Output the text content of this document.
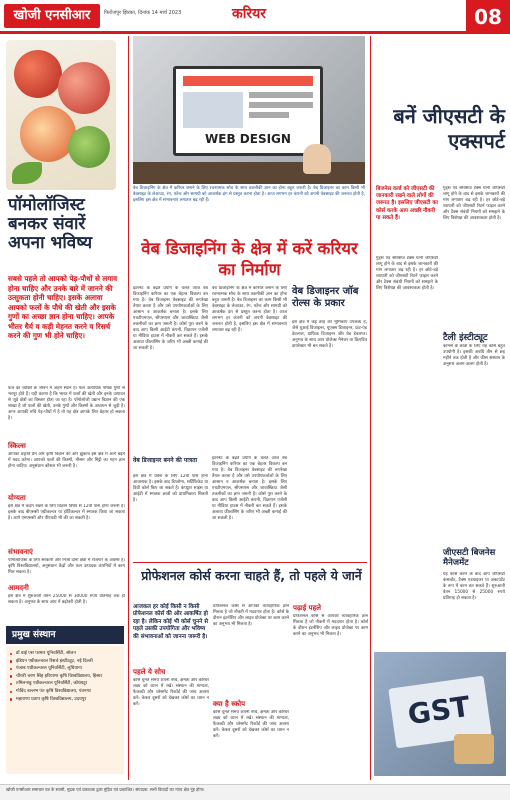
खोजी एनसीआर	फिरोजपुर झिरका, दिनांक 14 मार्च 2023	करियर	08
पॉमोलॉजिस्ट बनकर संवारें अपना भविष्य
सबसे पहले तो आपको पेड़-पौधों से लगाव होना चाहिए और उनके बारे में जानने की उत्सुकता होनी चाहिए। इसके अलावा आपको फलों के पौधे की खेती और इसके गुणों का अच्छा ज्ञान होना चाहिए। आपके भीतर धैर्य व कड़ी मेहनत करने व रिसर्च करने की गुण भी होने चाहिए।
फल का व्यक्ति के जीवन में अहम स्थान है। फल अत्यधिक पोषक गुणों से भरपूर होते हैं। यही कारण है कि भारत में फलों की खेती और इनके उत्पादन से जुड़े क्षेत्रों का विस्तार होता जा रहा है। पॉमोलॉजी उद्यान विज्ञान की एक शाखा है जो फलों की खेती, उनके गुणों और किस्मों के अध्ययन से जुड़ी है। अगर आपकी रुचि पेड़-पौधों में है तो यह क्षेत्र आपके लिए बेहतर हो सकता है।
स्किल्स
आपका प्रकृति प्रेम और कृषि विज्ञान की ओर झुकाव इस क्षेत्र में आगे बढ़ने में मदद करेगा। आपको फलों की किस्मों, मौसम और मिट्टी का गहन ज्ञान होना चाहिए। अनुसंधान कौशल भी जरूरी है।
योग्यता
इस क्षेत्र में कदम रखने के लिए विज्ञान विषय से 12वीं पास होना जरूरी है। इसके बाद बीएससी एग्रीकल्चर या हॉर्टिकल्चर में स्नातक किया जा सकता है। आगे एमएससी और पीएचडी भी की जा सकती है।
संभावनाएं
पॉमोलॉजिस्ट के लिए सरकारी और निजी दोनों क्षेत्रों में रोजगार के अवसर हैं। कृषि विश्वविद्यालयों, अनुसंधान केंद्रों और फल उत्पादक कंपनियों में काम मिल सकता है।
आमदनी
इस क्षेत्र में शुरुआती वेतन 25000 से 30000 रुपये प्रतिमाह तक हो सकता है। अनुभव के साथ आय में बढ़ोतरी होती है।
प्रमुख संस्थान
डॉ वाई एस परमार यूनिवर्सिटी, सोलन
इंडियन एग्रीकल्चरल रिसर्च इंस्टीट्यूट, नई दिल्ली
पंजाब एग्रीकल्चरल यूनिवर्सिटी, लुधियाना
चौधरी चरण सिंह हरियाणा कृषि विश्वविद्यालय, हिसार
तमिलनाडु एग्रीकल्चरल यूनिवर्सिटी, कोयंबटूर
गोविंद बल्लभ पंत कृषि विश्वविद्यालय, पंतनगर
महाराणा प्रताप कृषि विश्वविद्यालय, उदयपुर
WEB DESIGN
वेब डिजाइनिंग के क्षेत्र में करियर बनाने के लिए रचनात्मक सोच के साथ तकनीकी ज्ञान का होना बहुत जरूरी है। वेब डिजाइनर का काम किसी भी वेबसाइट के लेआउट, रंग, फॉन्ट और सामग्री को आकर्षक ढंग से प्रस्तुत करना होता है। आज लगभग हर कंपनी को अपनी वेबसाइट की जरूरत होती है, इसलिए इस क्षेत्र में संभावनाएं लगातार बढ़ रही हैं।
वेब डिजाइनिंग के क्षेत्र में करें करियर का निर्माण
इंटरनेट के बढ़ते प्रयोग के चलते आज वेब डिजाइनिंग करियर का एक बेहतर विकल्प बन गया है। वेब डिजाइनर वेबसाइट की रूपरेखा तैयार करता है और उसे उपयोगकर्ताओं के लिए आसान व आकर्षक बनाता है। इसके लिए एचटीएमएल, सीएसएस और जावास्क्रिप्ट जैसी तकनीकों का ज्ञान जरूरी है। कोर्स पूरा करने के बाद आप किसी आईटी कंपनी, विज्ञापन एजेंसी या मीडिया हाउस में नौकरी कर सकते हैं। इसके अलावा फ्रीलांसिंग के जरिए भी अच्छी कमाई की जा सकती है।
वेब डिजाइनिंग के क्षेत्र में करियर बनाने के लिए रचनात्मक सोच के साथ तकनीकी ज्ञान का होना बहुत जरूरी है। वेब डिजाइनर का काम किसी भी वेबसाइट के लेआउट, रंग, फॉन्ट और सामग्री को आकर्षक ढंग से प्रस्तुत करना होता है। आज लगभग हर कंपनी को अपनी वेबसाइट की जरूरत होती है, इसलिए इस क्षेत्र में संभावनाएं लगातार बढ़ रही हैं।
वेब डिजाइनर जॉब रोल्स के प्रकार
इस क्षेत्र में कई तरह की भूमिकाएं उपलब्ध हैं, जैसे यूआई डिजाइनर, यूएक्स डिजाइनर, फ्रंट-एंड डेवलपर, ग्राफिक डिजाइनर और वेब डेवलपर। अनुभव के साथ आप प्रोजेक्ट मैनेजर या क्रिएटिव डायरेक्टर भी बन सकते हैं।
वेब डिजाइनर बनने की पात्रता
इस क्षेत्र में प्रवेश के लिए 12वीं पास होना आवश्यक है। इसके बाद डिप्लोमा, सर्टिफिकेट या डिग्री कोर्स किए जा सकते हैं। कंप्यूटर साइंस या आईटी में स्नातक छात्रों को प्राथमिकता मिलती है।
इंटरनेट के बढ़ते प्रयोग के चलते आज वेब डिजाइनिंग करियर का एक बेहतर विकल्प बन गया है। वेब डिजाइनर वेबसाइट की रूपरेखा तैयार करता है और उसे उपयोगकर्ताओं के लिए आसान व आकर्षक बनाता है। इसके लिए एचटीएमएल, सीएसएस और जावास्क्रिप्ट जैसी तकनीकों का ज्ञान जरूरी है। कोर्स पूरा करने के बाद आप किसी आईटी कंपनी, विज्ञापन एजेंसी या मीडिया हाउस में नौकरी कर सकते हैं। इसके अलावा फ्रीलांसिंग के जरिए भी अच्छी कमाई की जा सकती है।
प्रोफेशनल कोर्स करना चाहते हैं, तो पहले ये जानें
आजकल हर कोई किसी न किसी प्रोफेशनल कोर्स की ओर आकर्षित हो रहा है। लेकिन कोई भी कोर्स चुनने से पहले उसकी उपयोगिता और भविष्य की संभावनाओं को जानना जरूरी है।
पहले ये सोच
कोर्स चुनते समय अपनी रुचि, क्षमता और करियर लक्ष्य को ध्यान में रखें। संस्थान की मान्यता, फैकल्टी और प्लेसमेंट रिकॉर्ड की जांच अवश्य करें। केवल दूसरों को देखकर कोर्स का चयन न करें।
प्रोफेशनल कोर्स से आपको व्यावहारिक ज्ञान मिलता है जो नौकरी में मददगार होता है। कोर्स के दौरान इंटर्नशिप और लाइव प्रोजेक्ट पर काम करने का अनुभव भी मिलता है।
क्या है स्कोप
कोर्स चुनते समय अपनी रुचि, क्षमता और करियर लक्ष्य को ध्यान में रखें। संस्थान की मान्यता, फैकल्टी और प्लेसमेंट रिकॉर्ड की जांच अवश्य करें। केवल दूसरों को देखकर कोर्स का चयन न करें।
पढ़ाई पहले
प्रोफेशनल कोर्स से आपको व्यावहारिक ज्ञान मिलता है जो नौकरी में मददगार होता है। कोर्स के दौरान इंटर्नशिप और लाइव प्रोजेक्ट पर काम करने का अनुभव भी मिलता है।
बनें जीएसटी के एक्सपर्ट
बिजनेस वर्ल्ड को जीएसटी की जानकारी रखने वाले लोगों की जरूरत है। इसलिए जीएसटी का कोर्स करके आप अच्छी नौकरी पा सकते हैं।
गुड्स एंड सर्विसेज टैक्स यानी जीएसटी लागू होने के बाद से इसके जानकारों की मांग लगातार बढ़ रही है। हर छोटे-बड़े व्यापारी को जीएसटी रिटर्न फाइल करने और टैक्स संबंधी नियमों को समझने के लिए विशेषज्ञ की आवश्यकता होती है।
गुड्स एंड सर्विसेज टैक्स यानी जीएसटी लागू होने के बाद से इसके जानकारों की मांग लगातार बढ़ रही है। हर छोटे-बड़े व्यापारी को जीएसटी रिटर्न फाइल करने और टैक्स संबंधी नियमों को समझने के लिए विशेषज्ञ की आवश्यकता होती है।
टैली इंस्टीट्यूट
कॉमर्स के छात्रों के लिए यह कोर्स बहुत उपयोगी है। इसकी अवधि तीन से छह महीने तक होती है और फीस संस्थान के अनुसार अलग-अलग होती है।
जीएसटी बिजनेस मैनेजमेंट
यह कोर्स करने के बाद आप जीएसटी कंसल्टेंट, टैक्स एडवाइजर या अकाउंटेंट के रूप में काम कर सकते हैं। शुरुआती वेतन 15000 से 25000 रुपये प्रतिमाह हो सकता है।
GST
खोजी एनसीआर समाचार पत्र के स्वामी, मुद्रक एवं प्रकाशक द्वारा मुद्रित एवं प्रकाशित। संपादक: सभी विवादों का न्याय क्षेत्र नूंह होगा।
